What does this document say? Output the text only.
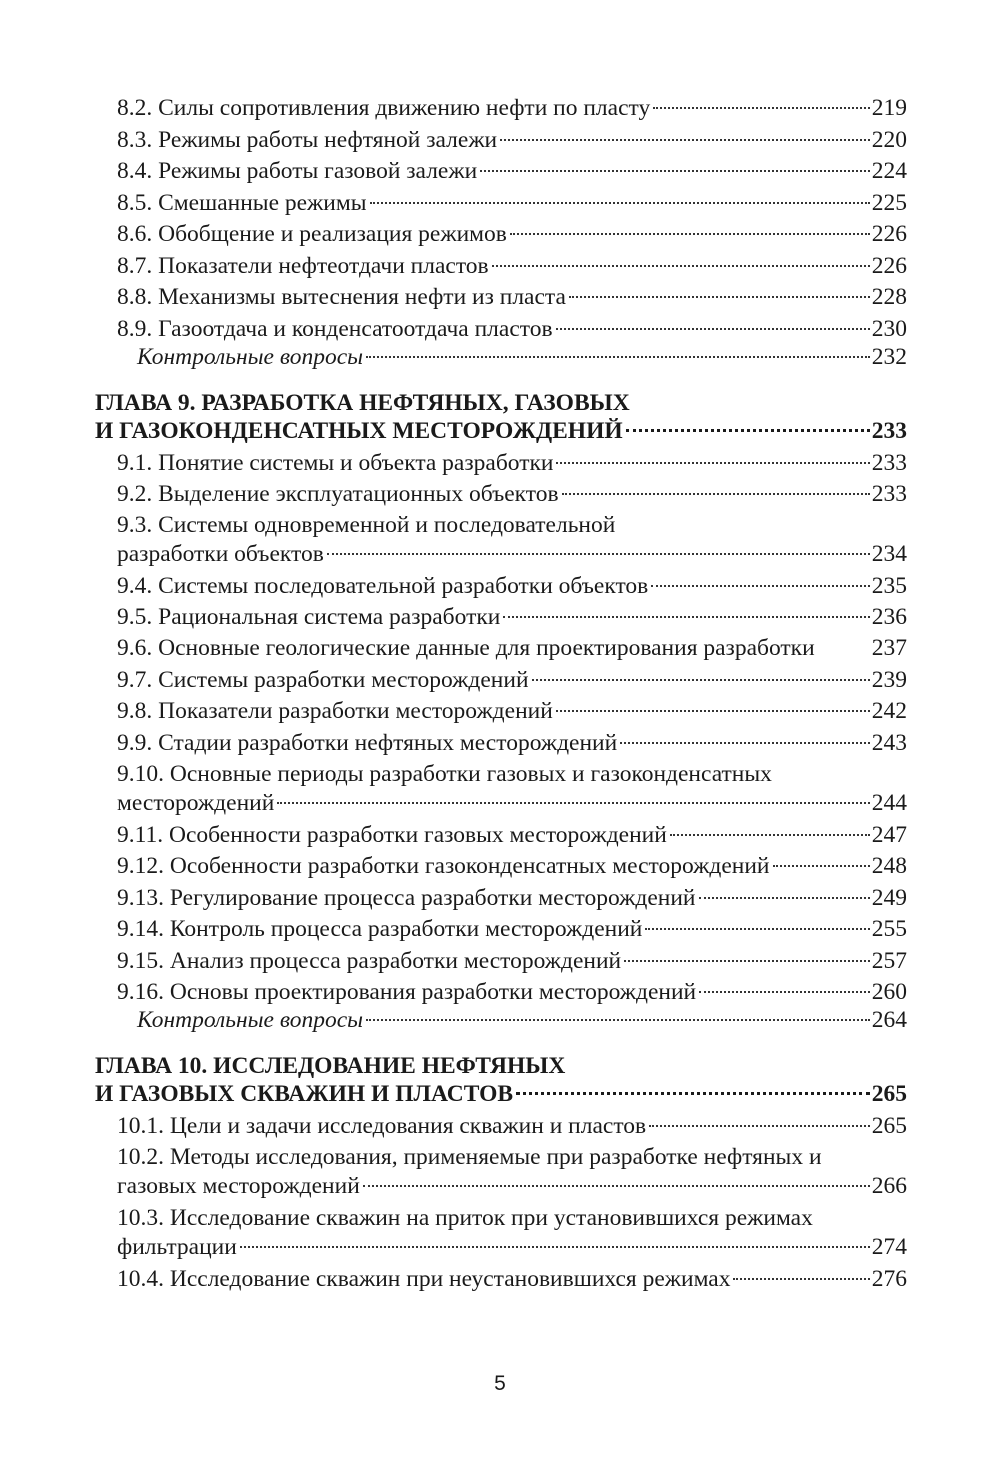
8.2. Силы сопротивления движению нефти по пласту	219
8.3. Режимы работы нефтяной залежи	220
8.4. Режимы работы газовой залежи	224
8.5. Смешанные режимы	225
8.6. Обобщение и реализация режимов	226
8.7. Показатели нефтеотдачи пластов	226
8.8. Механизмы вытеснения нефти из пласта	228
8.9. Газоотдача и конденсатоотдача пластов	230
Контрольные вопросы	232
ГЛАВА 9. РАЗРАБОТКА НЕФТЯНЫХ, ГАЗОВЫХ
И ГАЗОКОНДЕНСАТНЫХ МЕСТОРОЖДЕНИЙ	233
9.1. Понятие системы и объекта разработки	233
9.2. Выделение эксплуатационных объектов	233
9.3. Системы одновременной и последовательной
разработки объектов	234
9.4. Системы последовательной разработки объектов	235
9.5. Рациональная система разработки	236
9.6. Основные геологические данные для проектирования разработки 237
9.7. Системы разработки месторождений	239
9.8. Показатели разработки месторождений	242
9.9. Стадии разработки нефтяных месторождений	243
9.10. Основные периоды разработки газовых и газоконденсатных
месторождений	244
9.11. Особенности разработки газовых месторождений	247
9.12. Особенности разработки газоконденсатных месторождений	248
9.13. Регулирование процесса разработки месторождений	249
9.14. Контроль процесса разработки месторождений	255
9.15. Анализ процесса разработки месторождений	257
9.16. Основы проектирования разработки месторождений	260
Контрольные вопросы	264
ГЛАВА 10. ИССЛЕДОВАНИЕ НЕФТЯНЫХ
И ГАЗОВЫХ СКВАЖИН И ПЛАСТОВ	265
10.1. Цели и задачи исследования скважин и пластов	265
10.2. Методы исследования, применяемые при разработке нефтяных и
газовых месторождений	266
10.3. Исследование скважин на приток при установившихся режимах
фильтрации	274
10.4. Исследование скважин при неустановившихся режимах	276
5
